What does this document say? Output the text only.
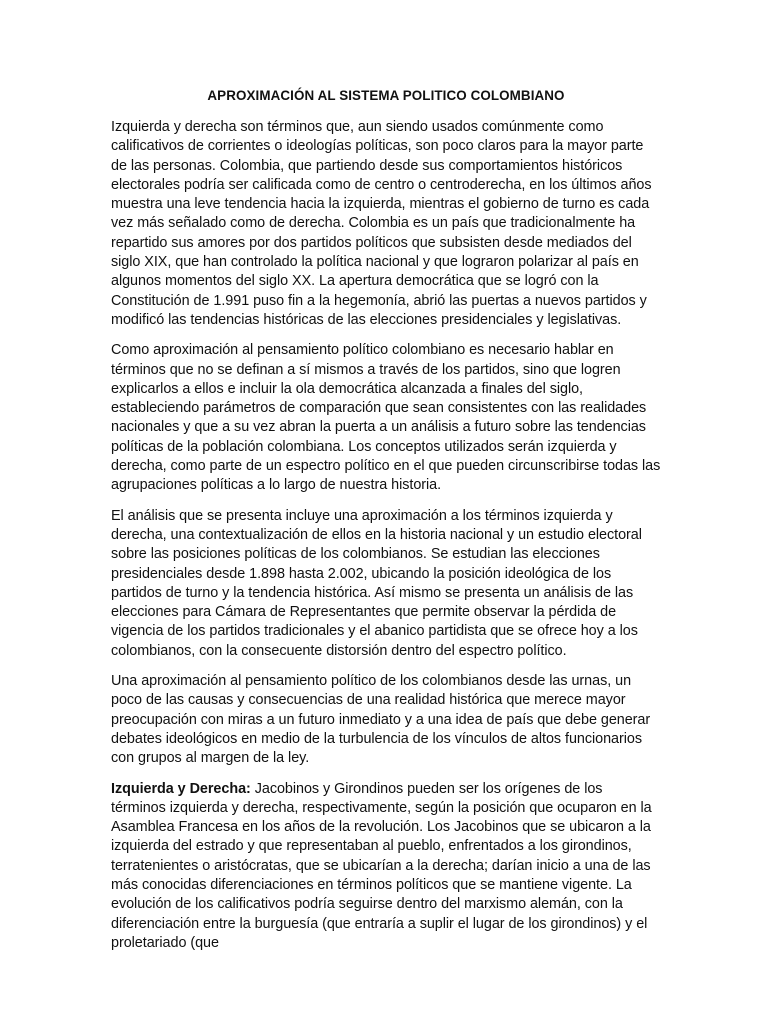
APROXIMACIÓN AL SISTEMA POLITICO COLOMBIANO

Izquierda y derecha son términos que, aun siendo usados comúnmente como calificativos de corrientes o ideologías políticas, son poco claros para la mayor parte de las personas. Colombia, que partiendo desde sus comportamientos históricos electorales podría ser calificada como de centro o centroderecha, en los últimos años muestra una leve tendencia hacia la izquierda, mientras el gobierno de turno es cada vez más señalado como de derecha. Colombia es un país que tradicionalmente ha repartido sus amores por dos partidos políticos que subsisten desde mediados del siglo XIX, que han controlado la política nacional y que lograron polarizar al país en algunos momentos del siglo XX. La apertura democrática que se logró con la Constitución de 1.991 puso fin a la hegemonía, abrió las puertas a nuevos partidos y modificó las tendencias históricas de las elecciones presidenciales y legislativas.

Como aproximación al pensamiento político colombiano es necesario hablar en términos que no se definan a sí mismos a través de los partidos, sino que logren explicarlos a ellos e incluir la ola democrática alcanzada a finales del siglo, estableciendo parámetros de comparación que sean consistentes con las realidades nacionales y que a su vez abran la puerta a un análisis a futuro sobre las tendencias políticas de la población colombiana. Los conceptos utilizados serán izquierda y derecha, como parte de un espectro político en el que pueden circunscribirse todas las agrupaciones políticas a lo largo de nuestra historia.

El análisis que se presenta incluye una aproximación a los términos izquierda y derecha, una contextualización de ellos en la historia nacional y un estudio electoral sobre las posiciones políticas de los colombianos. Se estudian las elecciones presidenciales desde 1.898 hasta 2.002, ubicando la posición ideológica de los partidos de turno y la tendencia histórica. Así mismo se presenta un análisis de las elecciones para Cámara de Representantes que permite observar la pérdida de vigencia de los partidos tradicionales y el abanico partidista que se ofrece hoy a los colombianos, con la consecuente distorsión dentro del espectro político.

Una aproximación al pensamiento político de los colombianos desde las urnas, un poco de las causas y consecuencias de una realidad histórica que merece mayor preocupación con miras a un futuro inmediato y a una idea de país que debe generar debates ideológicos en medio de la turbulencia de los vínculos de altos funcionarios con grupos al margen de la ley.

Izquierda y Derecha: Jacobinos y Girondinos pueden ser los orígenes de los términos izquierda y derecha, respectivamente, según la posición que ocuparon en la Asamblea Francesa en los años de la revolución. Los Jacobinos que se ubicaron a la izquierda del estrado y que representaban al pueblo, enfrentados a los girondinos, terratenientes o aristócratas, que se ubicarían a la derecha; darían inicio a una de las más conocidas diferenciaciones en términos políticos que se mantiene vigente. La evolución de los calificativos podría seguirse dentro del marxismo alemán, con la diferenciación entre la burguesía (que entraría a suplir el lugar de los girondinos) y el proletariado (que
